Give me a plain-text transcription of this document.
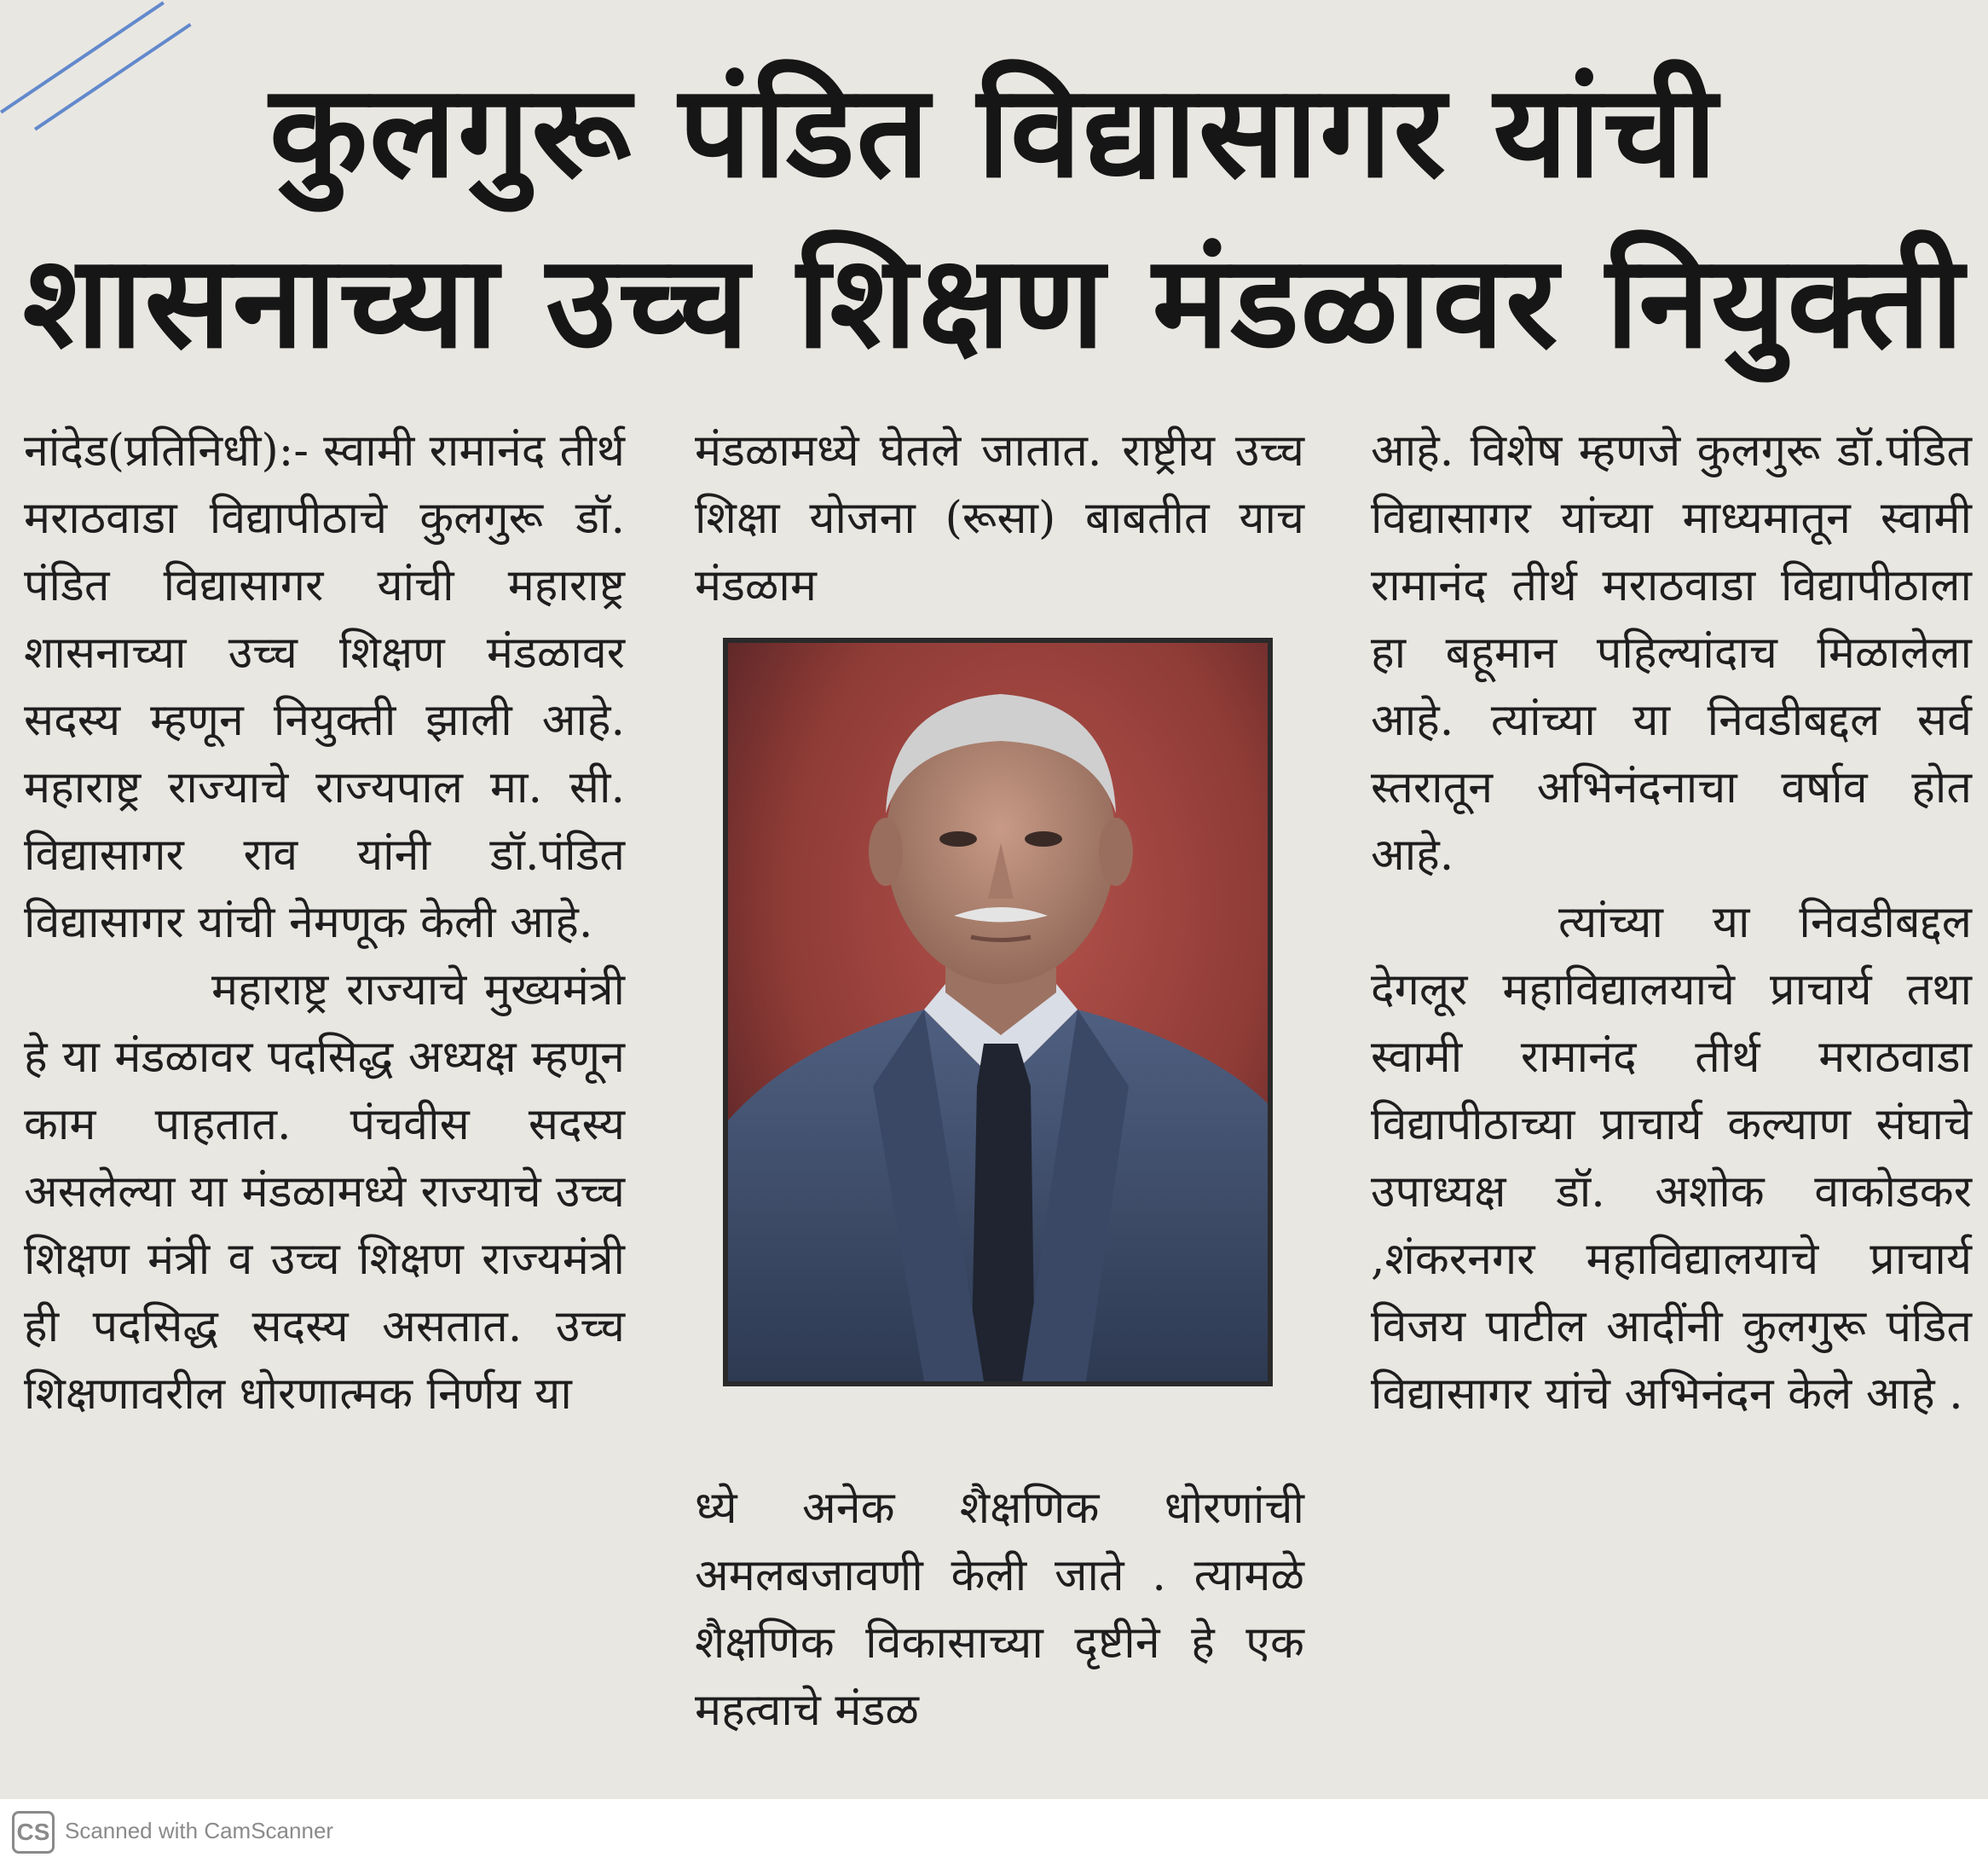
कुलगुरू पंडित विद्यासागर यांची
शासनाच्या उच्च शिक्षण मंडळावर नियुक्ती

नांदेड(प्रतिनिधी):- स्वामी रामानंद तीर्थ मराठवाडा विद्यापीठाचे कुलगुरू डॉ. पंडित विद्यासागर यांची महाराष्ट्र शासनाच्या उच्च शिक्षण मंडळावर सदस्य म्हणून नियुक्ती झाली आहे. महाराष्ट्र राज्याचे राज्यपाल मा. सी. विद्यासागर राव यांनी डॉ.पंडित विद्यासागर यांची नेमणूक केली आहे.

महाराष्ट्र राज्याचे मुख्यमंत्री हे या मंडळावर पदसिद्ध अध्यक्ष म्हणून काम पाहतात. पंचवीस सदस्य असलेल्या या मंडळामध्ये राज्याचे उच्च शिक्षण मंत्री व उच्च शिक्षण राज्यमंत्री ही पदसिद्ध सदस्य असतात. उच्च शिक्षणावरील धोरणात्मक निर्णय या

मंडळामध्ये घेतले जातात. राष्ट्रीय उच्च शिक्षा योजना (रूसा) बाबतीत याच मंडळाम

ध्ये अनेक शैक्षणिक धोरणांची अमलबजावणी केली जाते . त्यामळे शैक्षणिक विकासाच्या दृष्टीने हे एक महत्वाचे मंडळ

आहे. विशेष म्हणजे कुलगुरू डॉ.पंडित विद्यासागर यांच्या माध्यमातून स्वामी रामानंद तीर्थ मराठवाडा विद्यापीठाला हा बहूमान पहिल्यांदाच मिळालेला आहे. त्यांच्या या निवडीबद्दल सर्व स्तरातून अभिनंदनाचा वर्षाव होत आहे.

त्यांच्या या निवडीबद्दल देगलूर महाविद्यालयाचे प्राचार्य तथा स्वामी रामानंद तीर्थ मराठवाडा विद्यापीठाच्या प्राचार्य कल्याण संघाचे उपाध्यक्ष डॉ. अशोक वाकोडकर ,शंकरनगर महाविद्यालयाचे प्राचार्य विजय पाटील आदींनी कुलगुरू पंडित विद्यासागर यांचे अभिनंदन केले आहे .

CS Scanned with CamScanner
